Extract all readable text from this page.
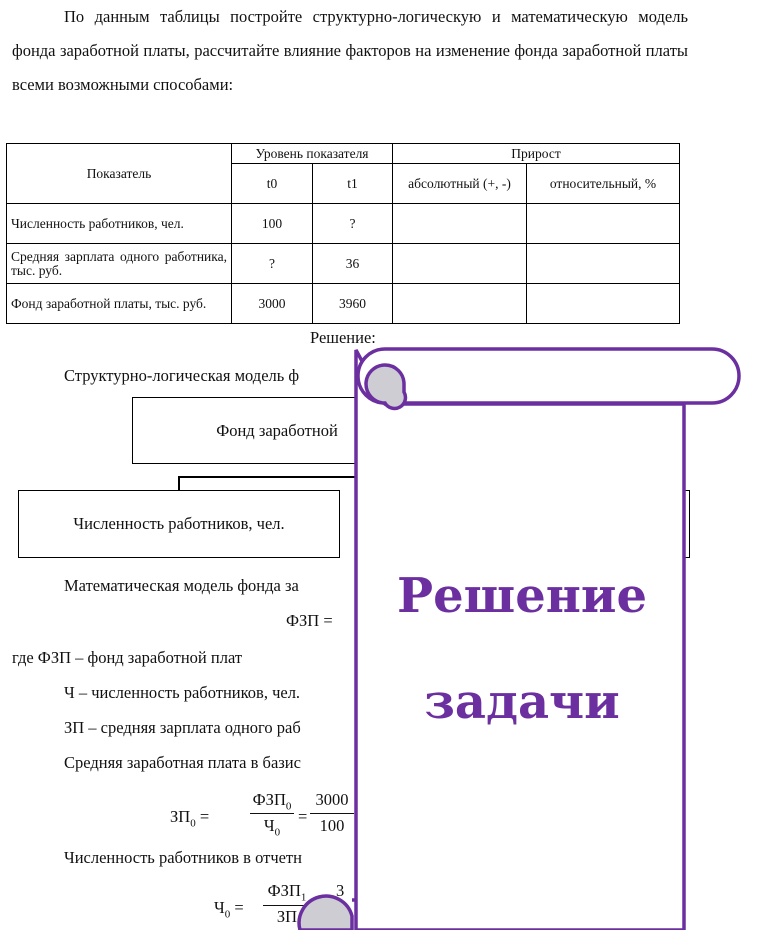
По данным таблицы постройте структурно-логическую и математическую модель фонда заработной платы, рассчитайте влияние факторов на изменение фонда заработной платы всеми возможными способами:
Показатель	Уровень показателя		Прирост	
	t0	t1	абсолютный (+, -)	относительный, %
Численность работников, чел.	100	?		
Средняя зарплата одного работника, тыс. руб.	?	36		
Фонд заработной платы, тыс. руб.	3000	3960		
Решение:
Структурно-логическая модель ф
Фонд заработной
Численность работников, чел.
Математическая модель фонда за
ФЗП =
где ФЗП – фонд заработной плат
Ч – численность работников, чел.
ЗП – средняя зарплата одного раб
Средняя заработная плата в базис
$ЗП_0$ =
$ФЗП_0$
$Ч_0$
=
3000
100
Численность работников в отчетн
$Ч_0$ =
$ФЗП_1$
ЗП
3
Решение
задачи
